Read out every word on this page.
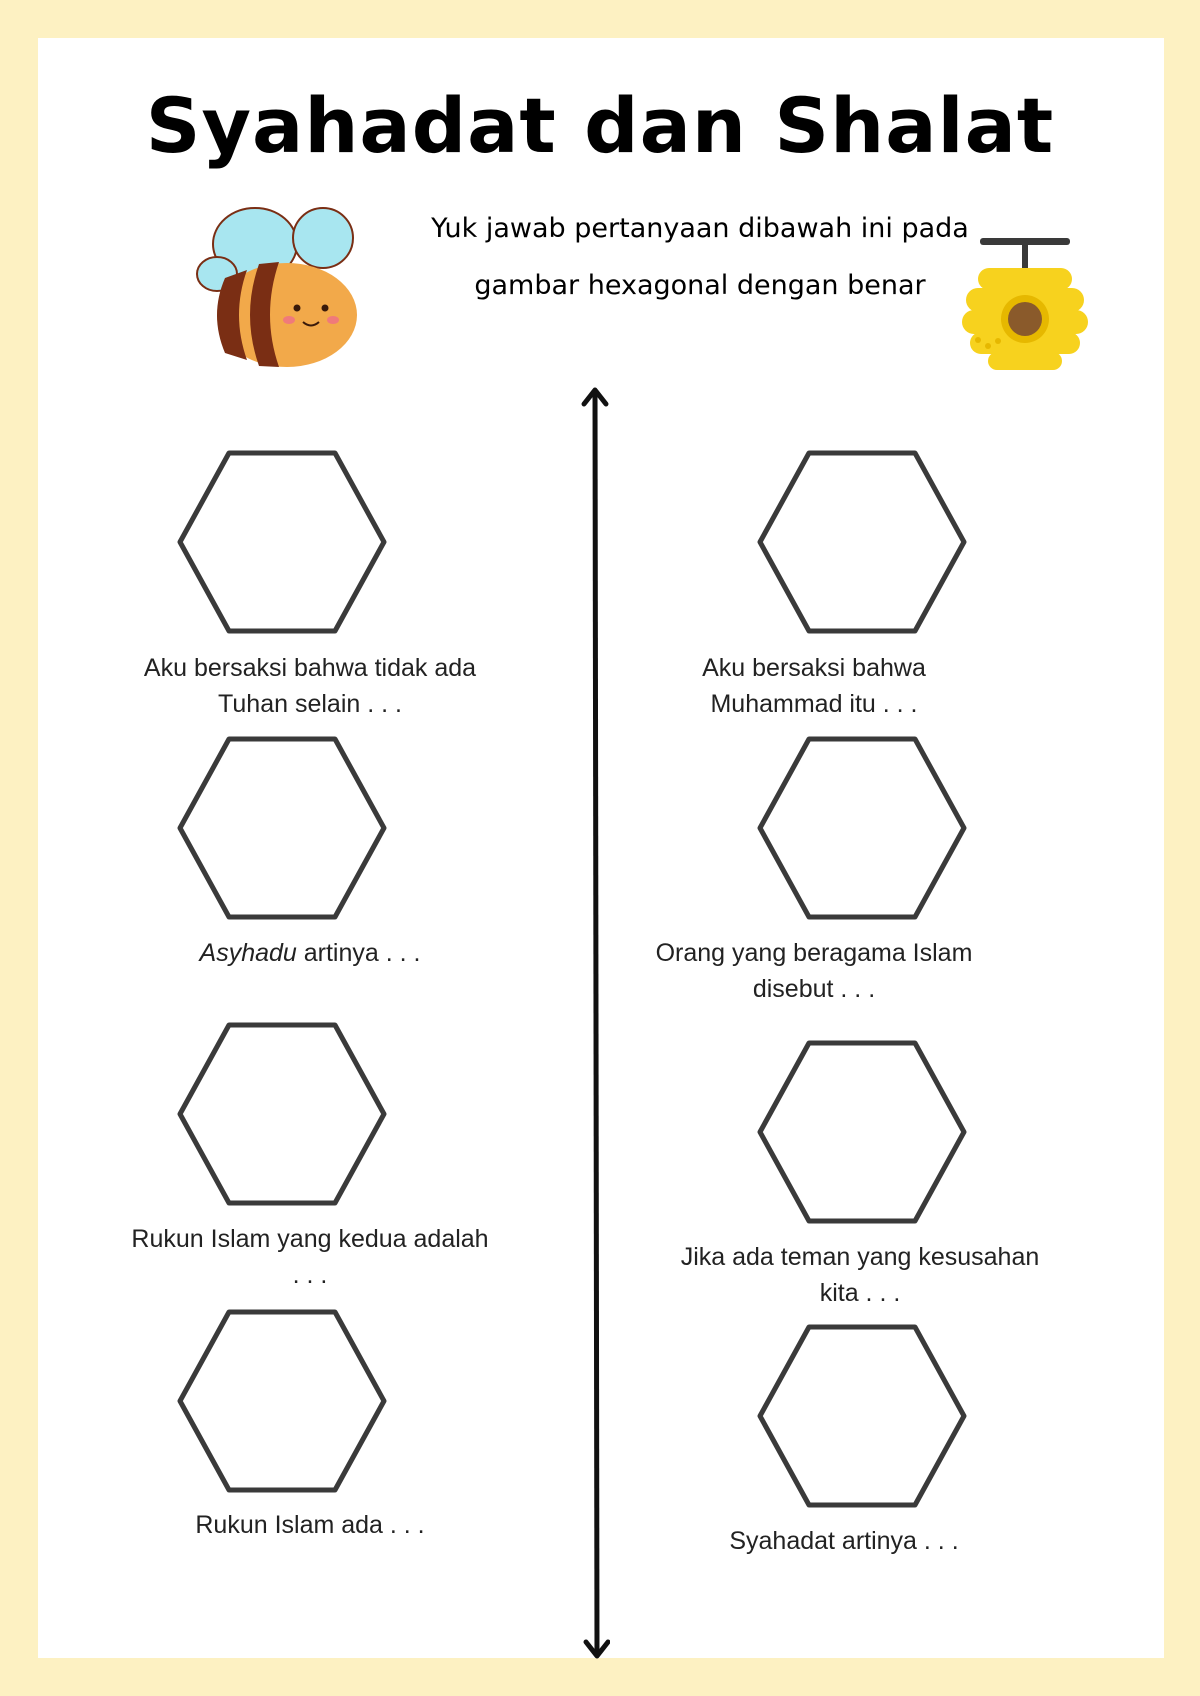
Syahadat dan Shalat
Yuk jawab pertanyaan dibawah ini pada
gambar hexagonal dengan benar
Aku bersaksi bahwa tidak ada
Tuhan selain . . .
Asyhadu artinya . . .
Rukun Islam yang kedua adalah
. . .
Rukun Islam ada . . .
Aku bersaksi bahwa
Muhammad itu . . .
Orang yang beragama Islam
disebut . . .
Jika ada teman yang kesusahan
kita . . .
Syahadat artinya . . .
